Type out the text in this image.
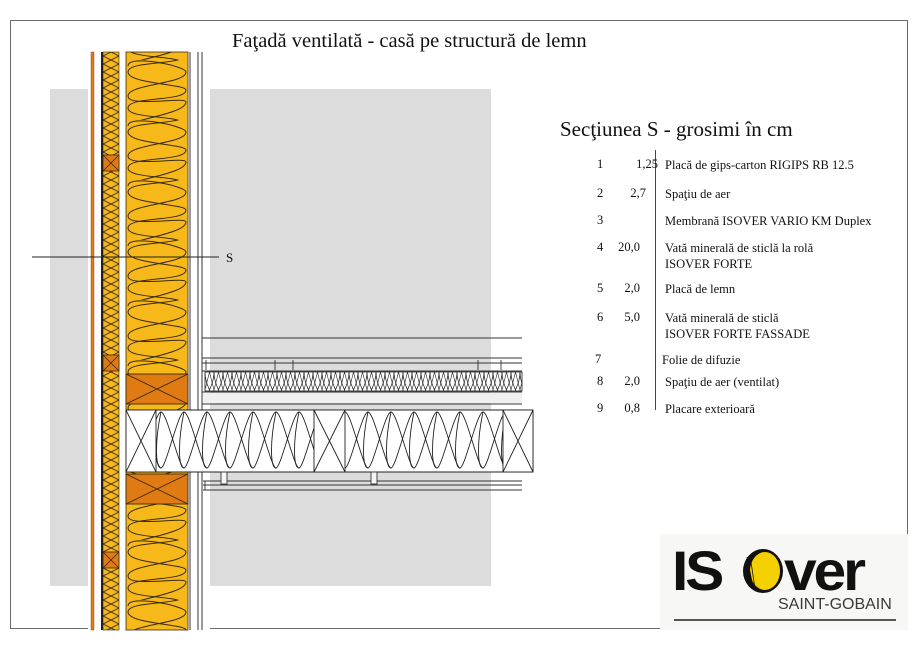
Faţadă ventilată - casă pe structură de lemn
S
Secţiunea S - grosimi în cm
1	1,25 Placă de gips-carton RIGIPS RB 12.5
2	2,7 Spaţiu de aer
3	Membrană ISOVER VARIO KM Duplex
4	20,0 Vată minerală de sticlă la rolă
ISOVER FORTE
5	2,0 Placă de lemn
6	5,0 Vată minerală de sticlă
ISOVER FORTE FASSADE
7	Folie de difuzie
8	2,0 Spaţiu de aer (ventilat)
9	0,8 Placare exterioară
IS ver
SAINT-GOBAIN
